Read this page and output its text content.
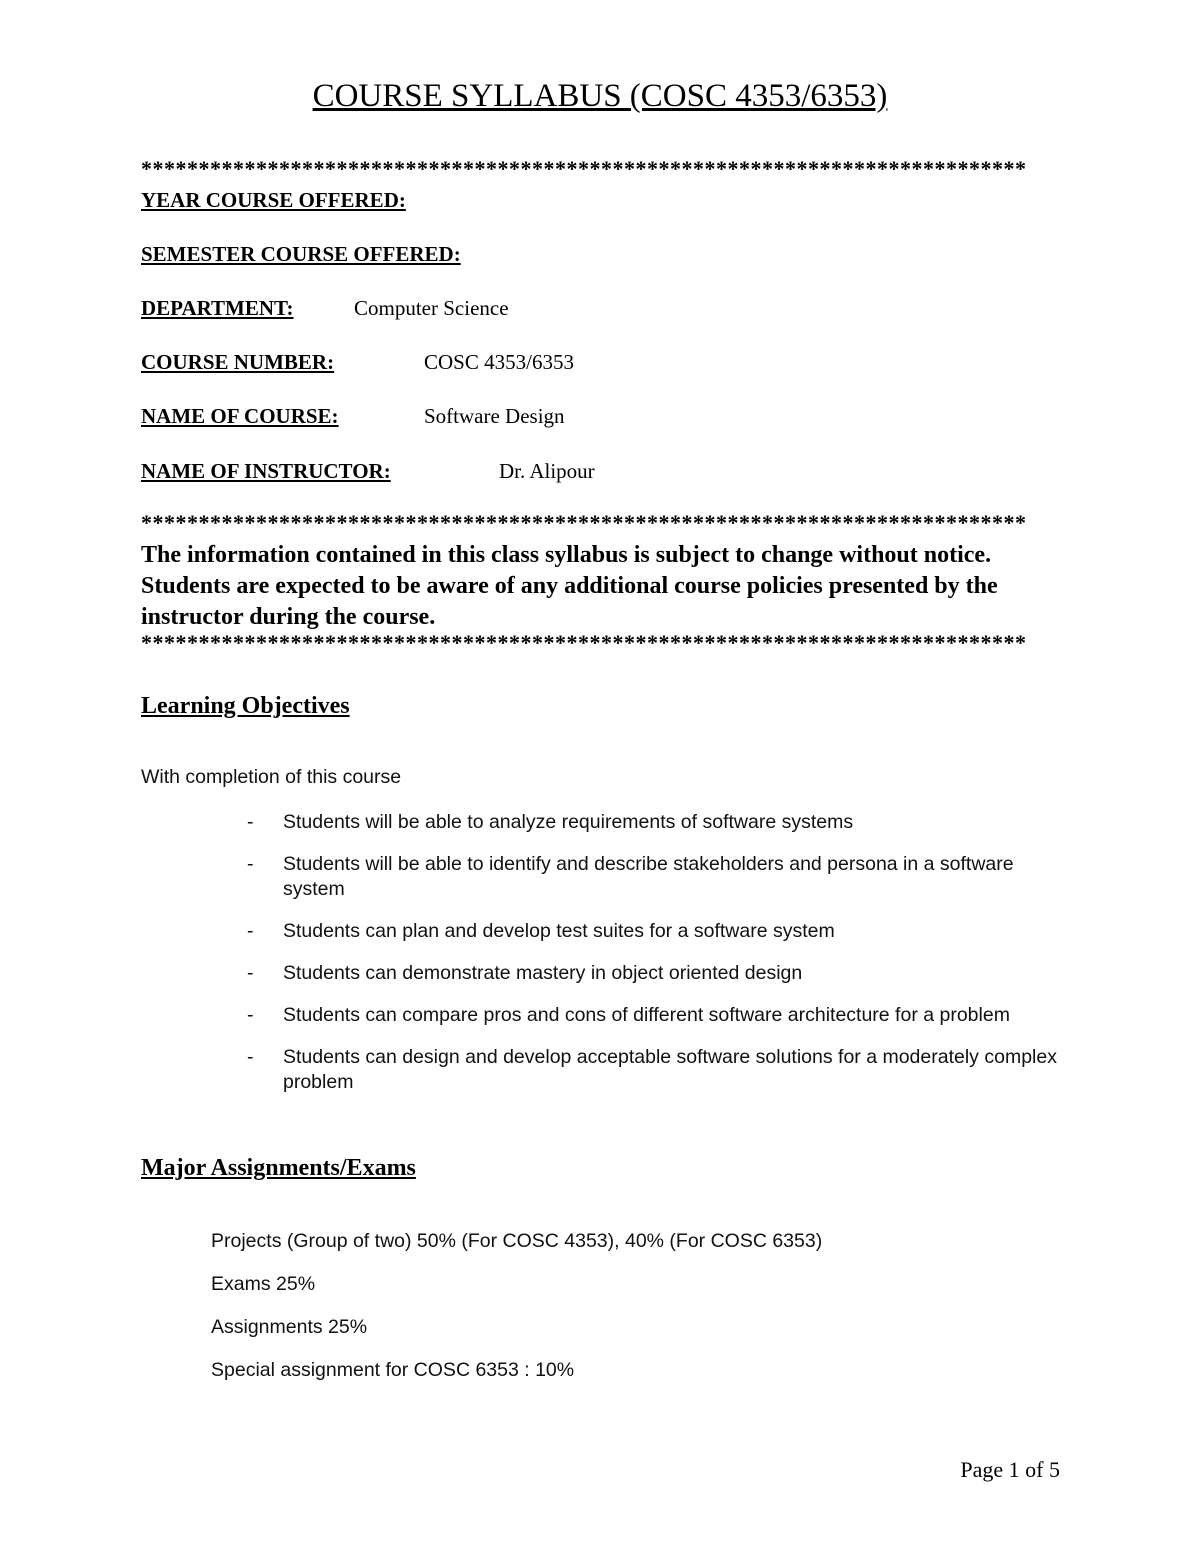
COURSE SYLLABUS (COSC 4353/6353)
*****************************************************************************
YEAR COURSE OFFERED:
SEMESTER COURSE OFFERED:
DEPARTMENT:	Computer Science
COURSE NUMBER:	COSC 4353/6353
NAME OF COURSE:	Software Design
NAME OF INSTRUCTOR:	Dr. Alipour
*****************************************************************************
The information contained in this class syllabus is subject to change without notice. Students are expected to be aware of any additional course policies presented by the instructor during the course.
*****************************************************************************
Learning Objectives
With completion of this course
- Students will be able to analyze requirements of software systems
- Students will be able to identify and describe stakeholders and persona in a software system
- Students can plan and develop test suites for a software system
- Students can demonstrate mastery in object oriented design
- Students can compare pros and cons of different software architecture for a problem
- Students can design and develop acceptable software solutions for a moderately complex problem
Major Assignments/Exams
Projects (Group of two) 50% (For COSC 4353), 40% (For COSC 6353)
Exams 25%
Assignments 25%
Special assignment for COSC 6353 : 10%
Page 1 of 5
